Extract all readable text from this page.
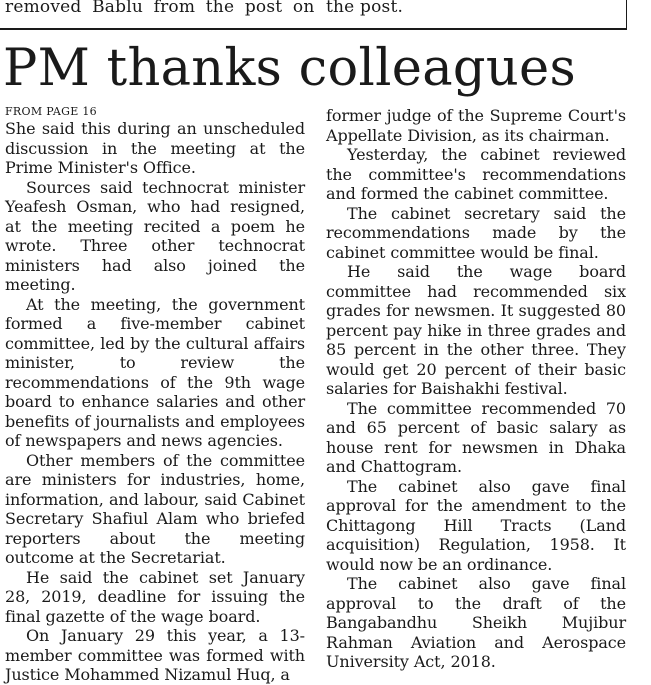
removed Bablu from the post on the post.
PM thanks colleagues
FROM PAGE 16

She said this during an unscheduled discussion in the meeting at the Prime Minister's Office.

Sources said technocrat minister Yeafesh Osman, who had resigned, at the meeting recited a poem he wrote. Three other technocrat ministers had also joined the meeting.

At the meeting, the government formed a five-member cabinet committee, led by the cultural affairs minister, to review the recommendations of the 9th wage board to enhance salaries and other benefits of journalists and employees of newspapers and news agencies.

Other members of the committee are ministers for industries, home, information, and labour, said Cabinet Secretary Shafiul Alam who briefed reporters about the meeting outcome at the Secretariat.

He said the cabinet set January 28, 2019, deadline for issuing the final gazette of the wage board.

On January 29 this year, a 13-member committee was formed with Justice Mohammed Nizamul Huq, a

former judge of the Supreme Court's Appellate Division, as its chairman.

Yesterday, the cabinet reviewed the committee's recommendations and formed the cabinet committee.

The cabinet secretary said the recommendations made by the cabinet committee would be final.

He said the wage board committee had recommended six grades for newsmen. It suggested 80 percent pay hike in three grades and 85 percent in the other three. They would get 20 percent of their basic salaries for Baishakhi festival.

The committee recommended 70 and 65 percent of basic salary as house rent for newsmen in Dhaka and Chattogram.

The cabinet also gave final approval for the amendment to the Chittagong Hill Tracts (Land acquisition) Regulation, 1958. It would now be an ordinance.

The cabinet also gave final approval to the draft of the Bangabandhu Sheikh Mujibur Rahman Aviation and Aerospace University Act, 2018.
